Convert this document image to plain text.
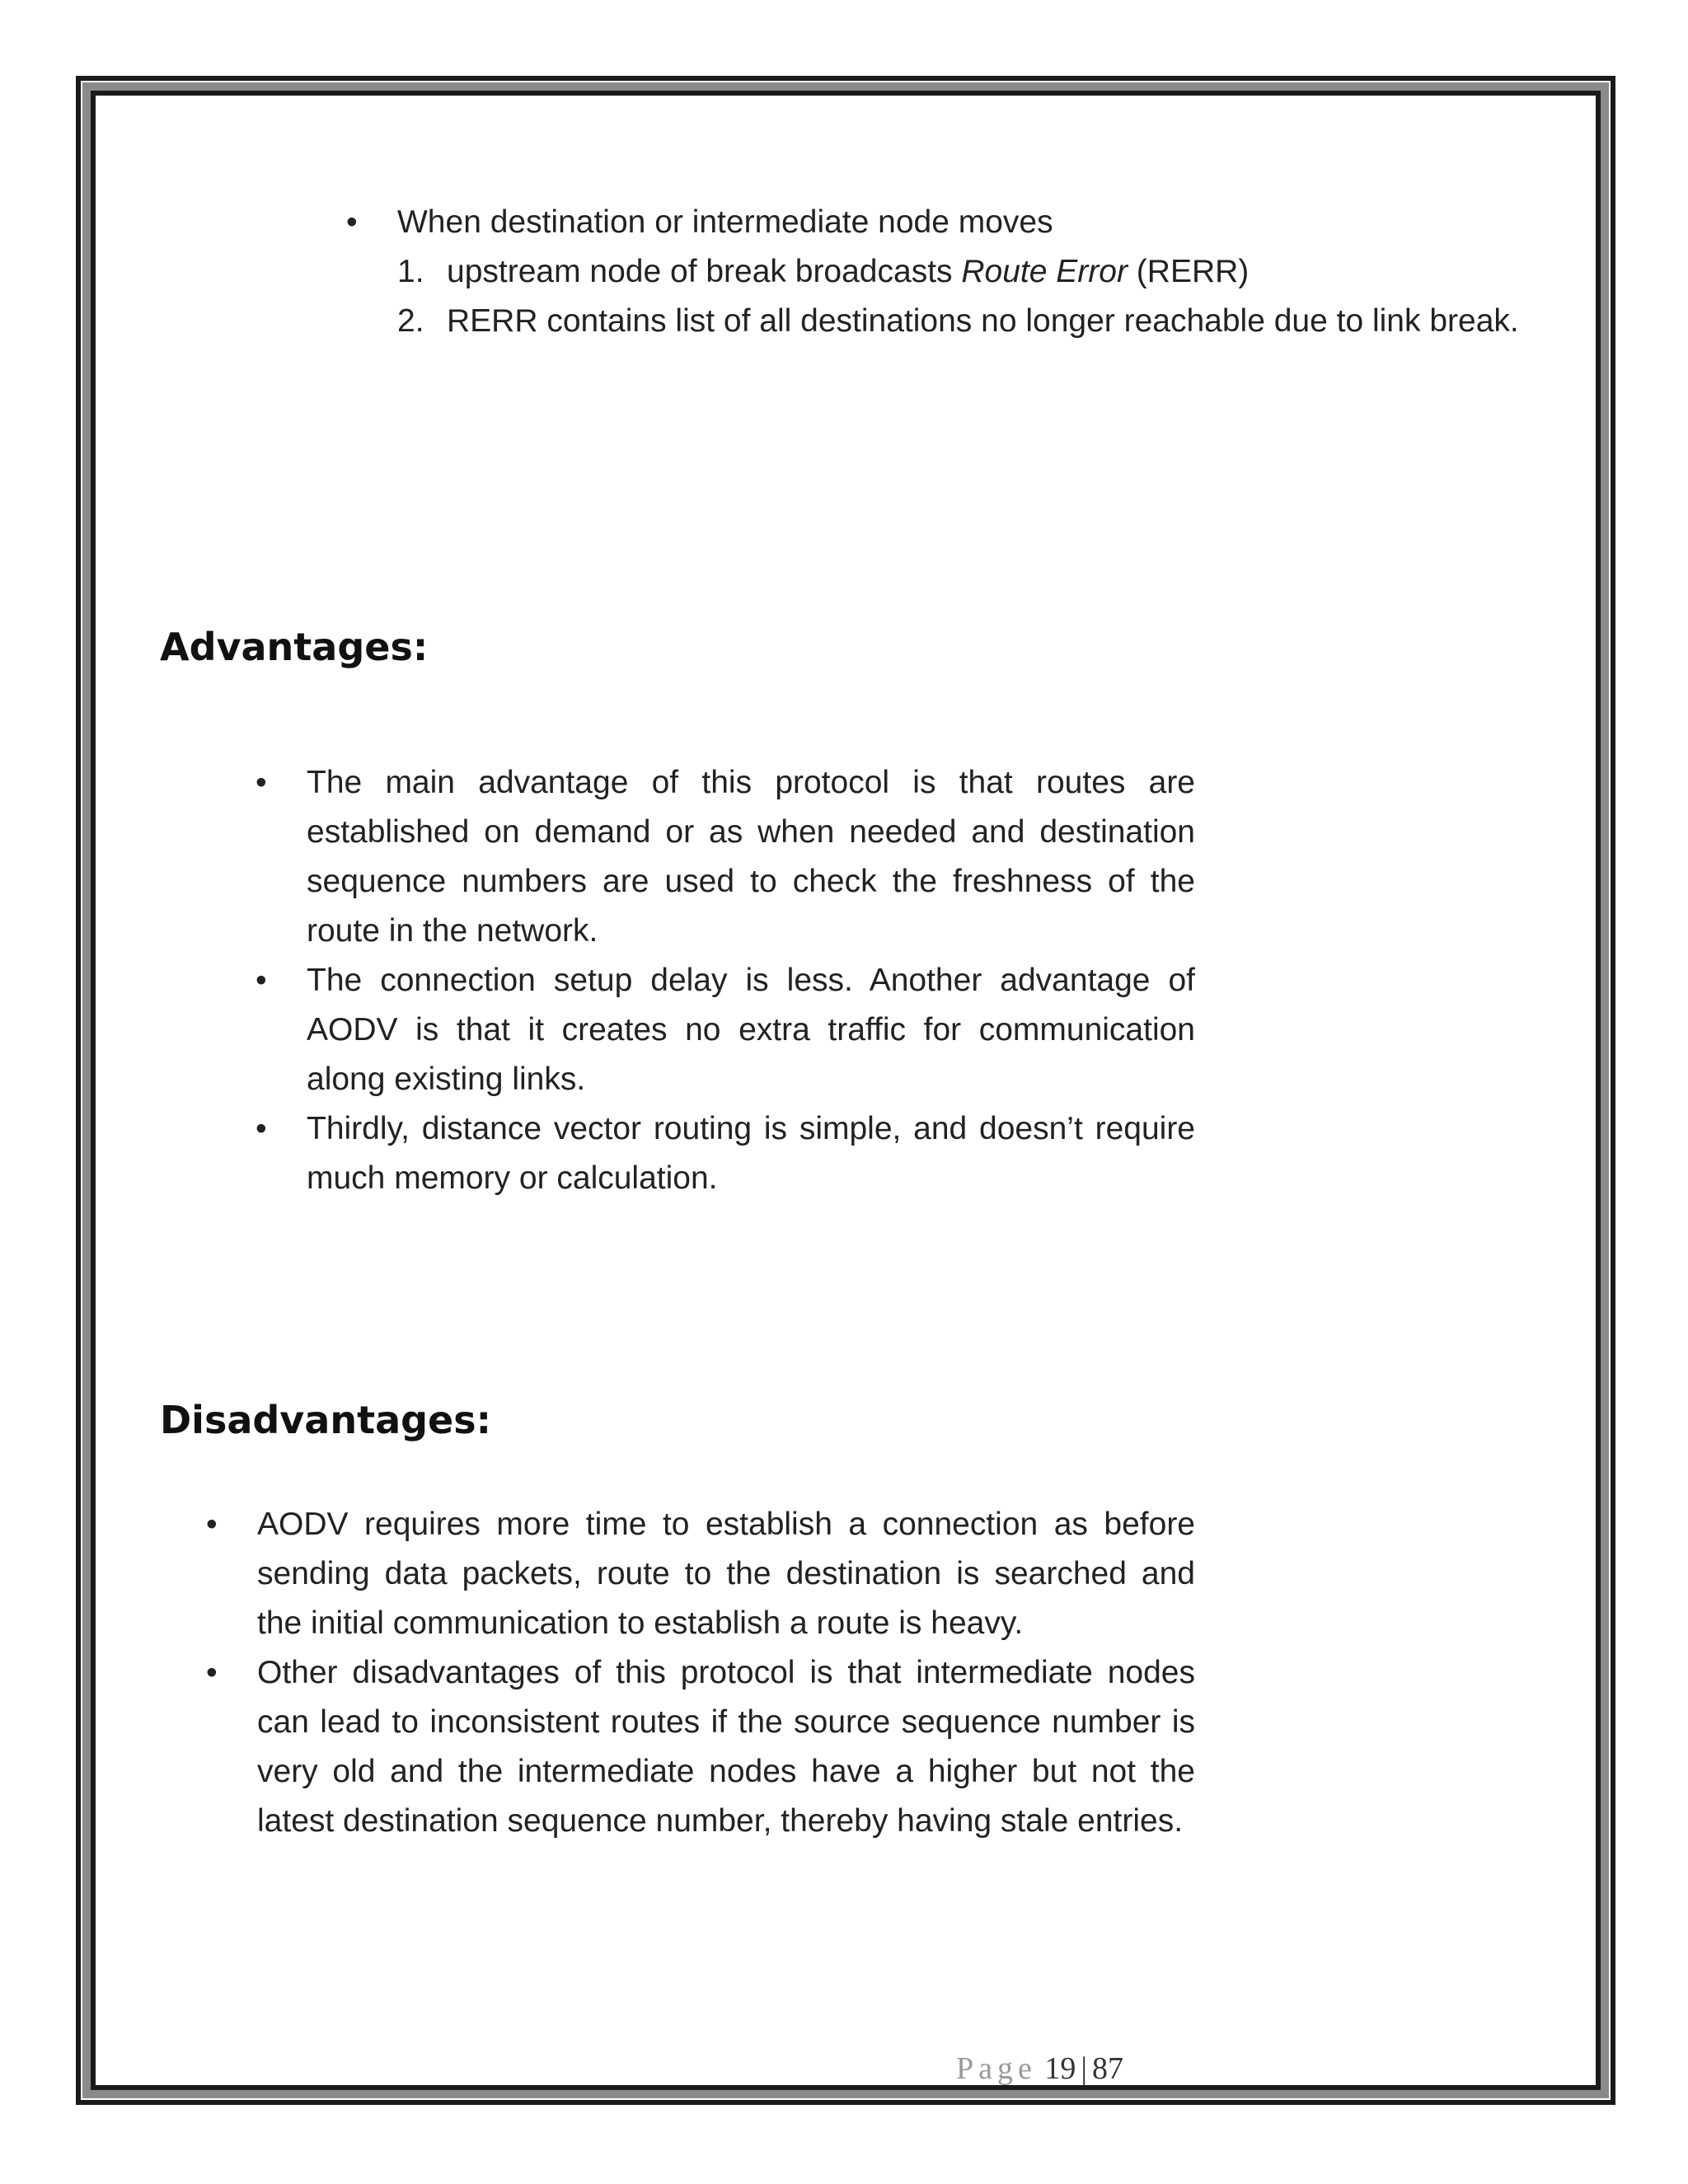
•	When destination or intermediate node moves
1. upstream node of break broadcasts Route Error (RERR)
2. RERR contains list of all destinations no longer reachable due to link break.
Advantages:
•	The main advantage of this protocol is that routes are established on demand or as when needed and destination sequence numbers are used to check the freshness of the route in the network.
•	The connection setup delay is less. Another advantage of AODV is that it creates no extra traffic for communication along existing links.
•	Thirdly, distance vector routing is simple, and doesn’t require much memory or calculation.
Disadvantages:
•	AODV requires more time to establish a connection as before sending data packets, route to the destination is searched and the initial communication to establish a route is heavy.
•	Other disadvantages of this protocol is that intermediate nodes can lead to inconsistent routes if the source sequence number is very old and the intermediate nodes have a higher but not the latest destination sequence number, thereby having stale entries.
Page 19 | 87
